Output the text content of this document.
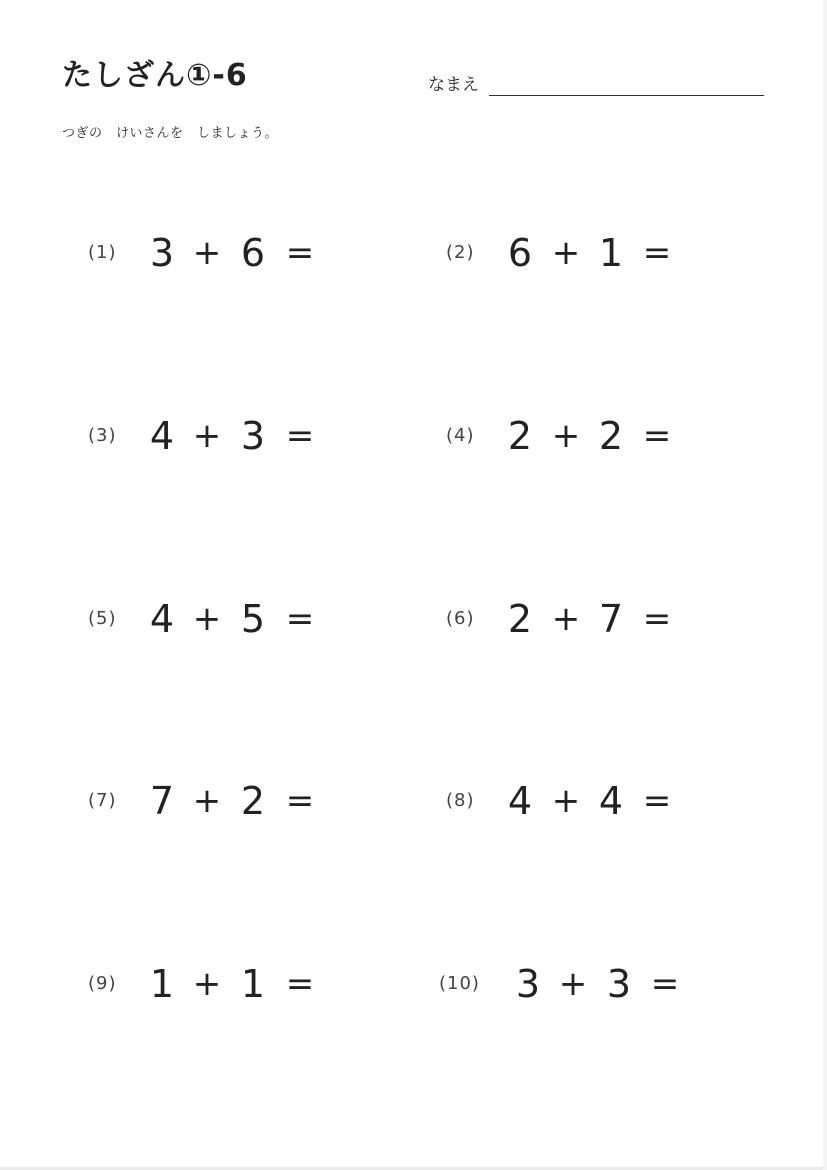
たしざん①-6	なまえ
つぎの　けいさんを　しましょう。
(1) 3 + 6 =	(2) 6 + 1 =
(3) 4 + 3 =	(4) 2 + 2 =
(5) 4 + 5 =	(6) 2 + 7 =
(7) 7 + 2 =	(8) 4 + 4 =
(9) 1 + 1 =	(10) 3 + 3 =
